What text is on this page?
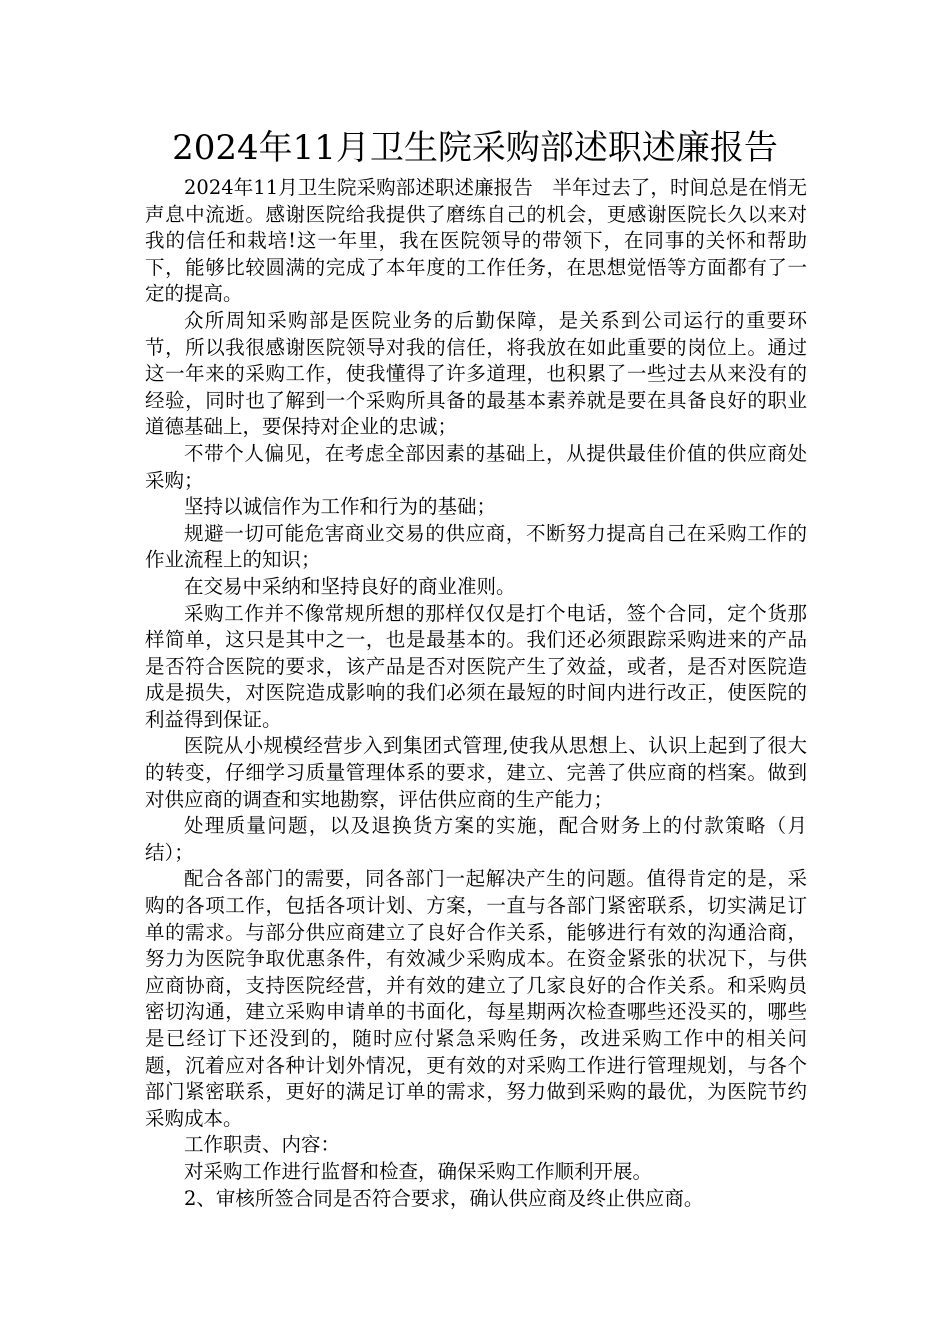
2024年11月卫生院采购部述职述廉报告

2024年11月卫生院采购部述职述廉报告　半年过去了，时间总是在悄无声息中流逝。感谢医院给我提供了磨练自己的机会，更感谢医院长久以来对我的信任和栽培!这一年里，我在医院领导的带领下，在同事的关怀和帮助下，能够比较圆满的完成了本年度的工作任务，在思想觉悟等方面都有了一定的提高。

众所周知采购部是医院业务的后勤保障，是关系到公司运行的重要环节，所以我很感谢医院领导对我的信任，将我放在如此重要的岗位上。通过这一年来的采购工作，使我懂得了许多道理，也积累了一些过去从来没有的经验，同时也了解到一个采购所具备的最基本素养就是要在具备良好的职业道德基础上，要保持对企业的忠诚；

不带个人偏见，在考虑全部因素的基础上，从提供最佳价值的供应商处采购；

坚持以诚信作为工作和行为的基础；

规避一切可能危害商业交易的供应商，不断努力提高自己在采购工作的作业流程上的知识；

在交易中采纳和坚持良好的商业准则。

采购工作并不像常规所想的那样仅仅是打个电话，签个合同，定个货那样简单，这只是其中之一，也是最基本的。我们还必须跟踪采购进来的产品是否符合医院的要求，该产品是否对医院产生了效益，或者，是否对医院造成是损失，对医院造成影响的我们必须在最短的时间内进行改正，使医院的利益得到保证。

医院从小规模经营步入到集团式管理,使我从思想上、认识上起到了很大的转变，仔细学习质量管理体系的要求，建立、完善了供应商的档案。做到对供应商的调查和实地勘察，评估供应商的生产能力；

处理质量问题，以及退换货方案的实施，配合财务上的付款策略（月结）；

配合各部门的需要，同各部门一起解决产生的问题。值得肯定的是，采购的各项工作，包括各项计划、方案，一直与各部门紧密联系，切实满足订单的需求。与部分供应商建立了良好合作关系，能够进行有效的沟通洽商，努力为医院争取优惠条件，有效减少采购成本。在资金紧张的状况下，与供应商协商，支持医院经营，并有效的建立了几家良好的合作关系。和采购员密切沟通，建立采购申请单的书面化，每星期两次检查哪些还没买的，哪些是已经订下还没到的，随时应付紧急采购任务，改进采购工作中的相关问题，沉着应对各种计划外情况，更有效的对采购工作进行管理规划，与各个部门紧密联系，更好的满足订单的需求，努力做到采购的最优，为医院节约采购成本。

工作职责、内容：

对采购工作进行监督和检查，确保采购工作顺利开展。

2、审核所签合同是否符合要求，确认供应商及终止供应商。
